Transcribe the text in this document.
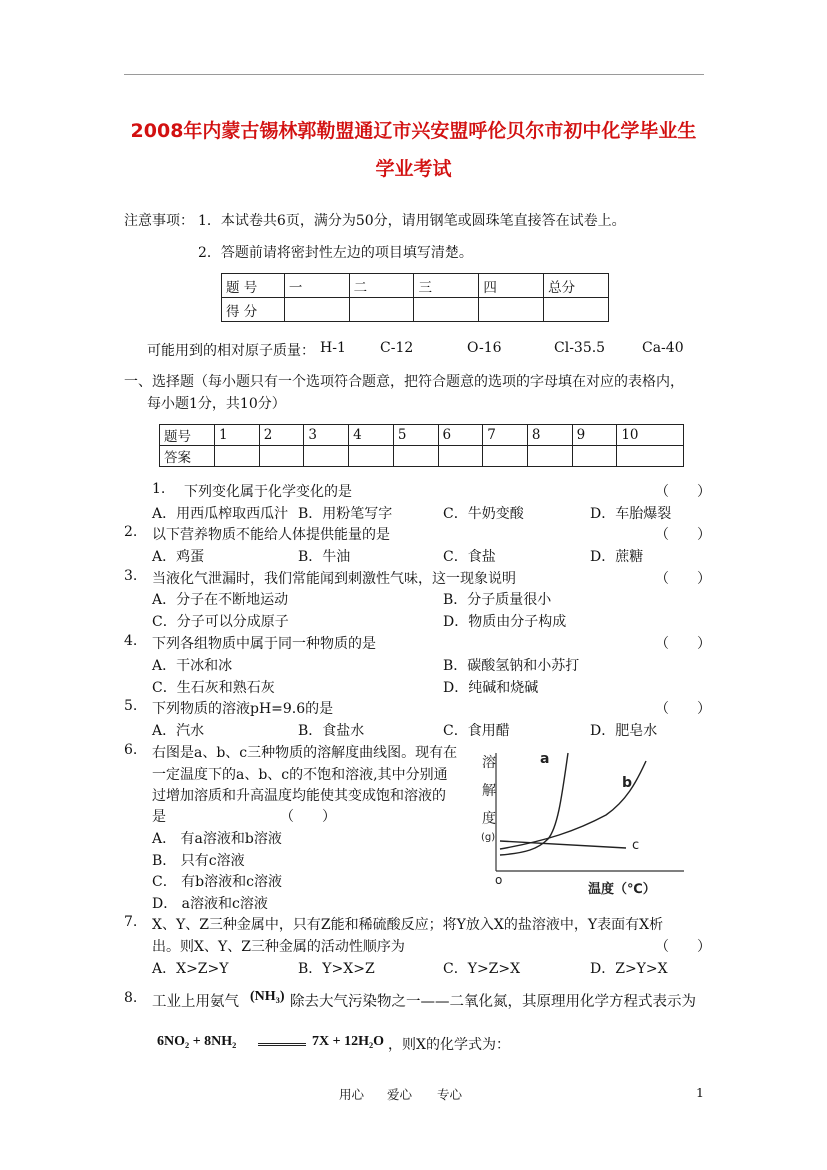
2008年内蒙古锡林郭勒盟通辽市兴安盟呼伦贝尔市初中化学毕业生
学业考试
注意事项： 1．本试卷共6页，满分为50分，请用钢笔或圆珠笔直接答在试卷上。
2．答题前请将密封性左边的项目填写清楚。
题 号	一	二	三	四	总分
得 分					
可能用到的相对原子质量： H-1 C-12	O-16	Cl-35.5	Ca-40
一、选择题（每小题只有一个选项符合题意，把符合题意的选项的字母填在对应的表格内，
每小题1分，共10分）
题号	1	2	3	4	5	6	7	8	9	10
答案										
1. 下列变化属于化学变化的是	（　　）
A．用西瓜榨取西瓜汁 B．用粉笔写字	C．牛奶变酸	D．车胎爆裂
2. 以下营养物质不能给人体提供能量的是	（　　）
A．鸡蛋	B．牛油	C．食盐	D．蔗糖
3. 当液化气泄漏时，我们常能闻到刺激性气味，这一现象说明	（　　）
A．分子在不断地运动	B．分子质量很小
C．分子可以分成原子	D．物质由分子构成
4. 下列各组物质中属于同一种物质的是	（　　）
A．干冰和冰	B．碳酸氢钠和小苏打
C．生石灰和熟石灰	D．纯碱和烧碱
5. 下列物质的溶液pH=9.6的是	（　　）
A．汽水	B．食盐水	C．食用醋	D．肥皂水
6. 右图是a、b、c三种物质的溶解度曲线图。现有在
一定温度下的a、b、c的不饱和溶液,其中分别通
过增加溶质和升高温度均能使其变成饱和溶液的
是	（　　）
A． 有a溶液和b溶液
B． 只有c溶液
C． 有b溶液和c溶液
D． a溶液和c溶液
溶
解
度
(g)
o
a
b
c
温度（℃）
7. X、Y、Z三种金属中，只有Z能和稀硫酸反应；将Y放入X的盐溶液中，Y表面有X析
出。则X、Y、Z三种金属的活动性顺序为	（　　）
A．X>Z>Y	B．Y>X>Z	C．Y>Z>X	D．Z>Y>X
8. 工业上用氨气 (NH₃) 除去大气污染物之一——二氧化氮，其原理用化学方程式表示为
6NO₂ + 8NH₂	7X + 12H₂O ，则X的化学式为：
用心 爱心 专心	1
